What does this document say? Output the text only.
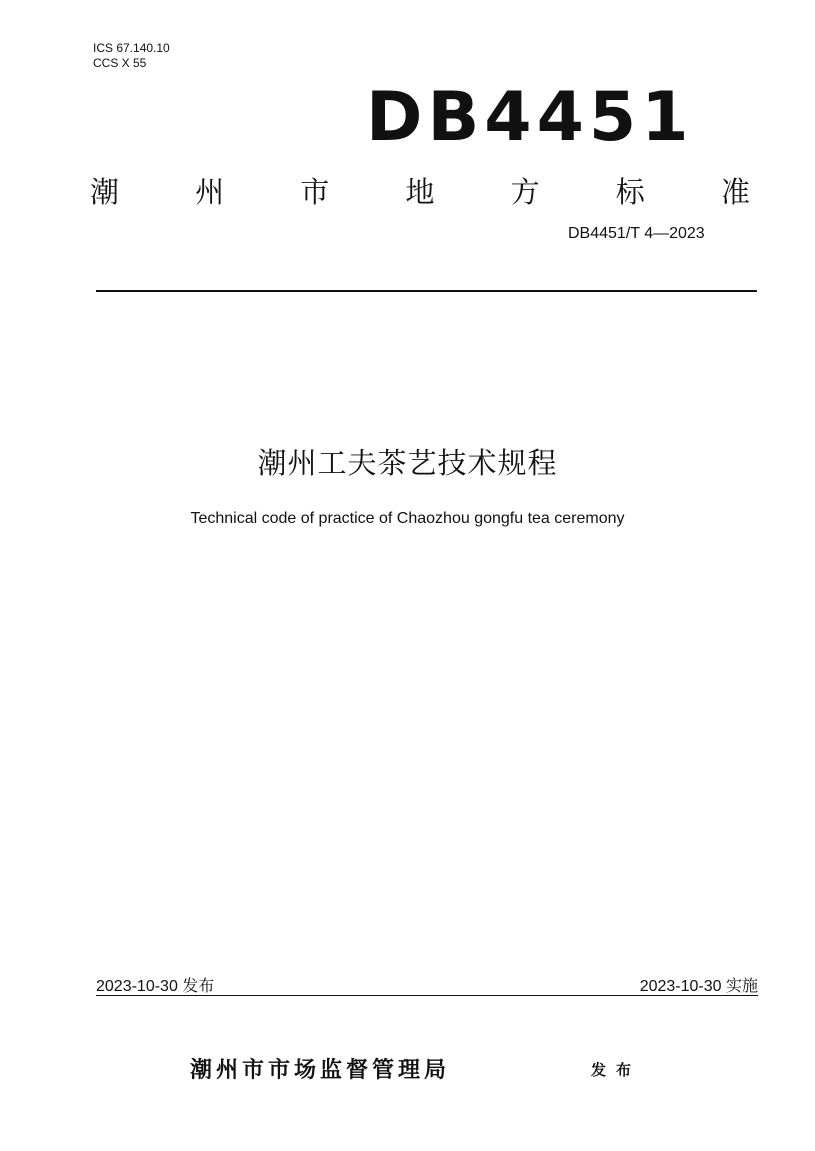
ICS 67.140.10
CCS X 55
DB4451
潮	州	市	地	方	标	准
DB4451/T 4—2023
潮州工夫茶艺技术规程
Technical code of practice of Chaozhou gongfu tea ceremony
2023-10-30 发布	2023-10-30 实施
潮州市市场监督管理局	发布
